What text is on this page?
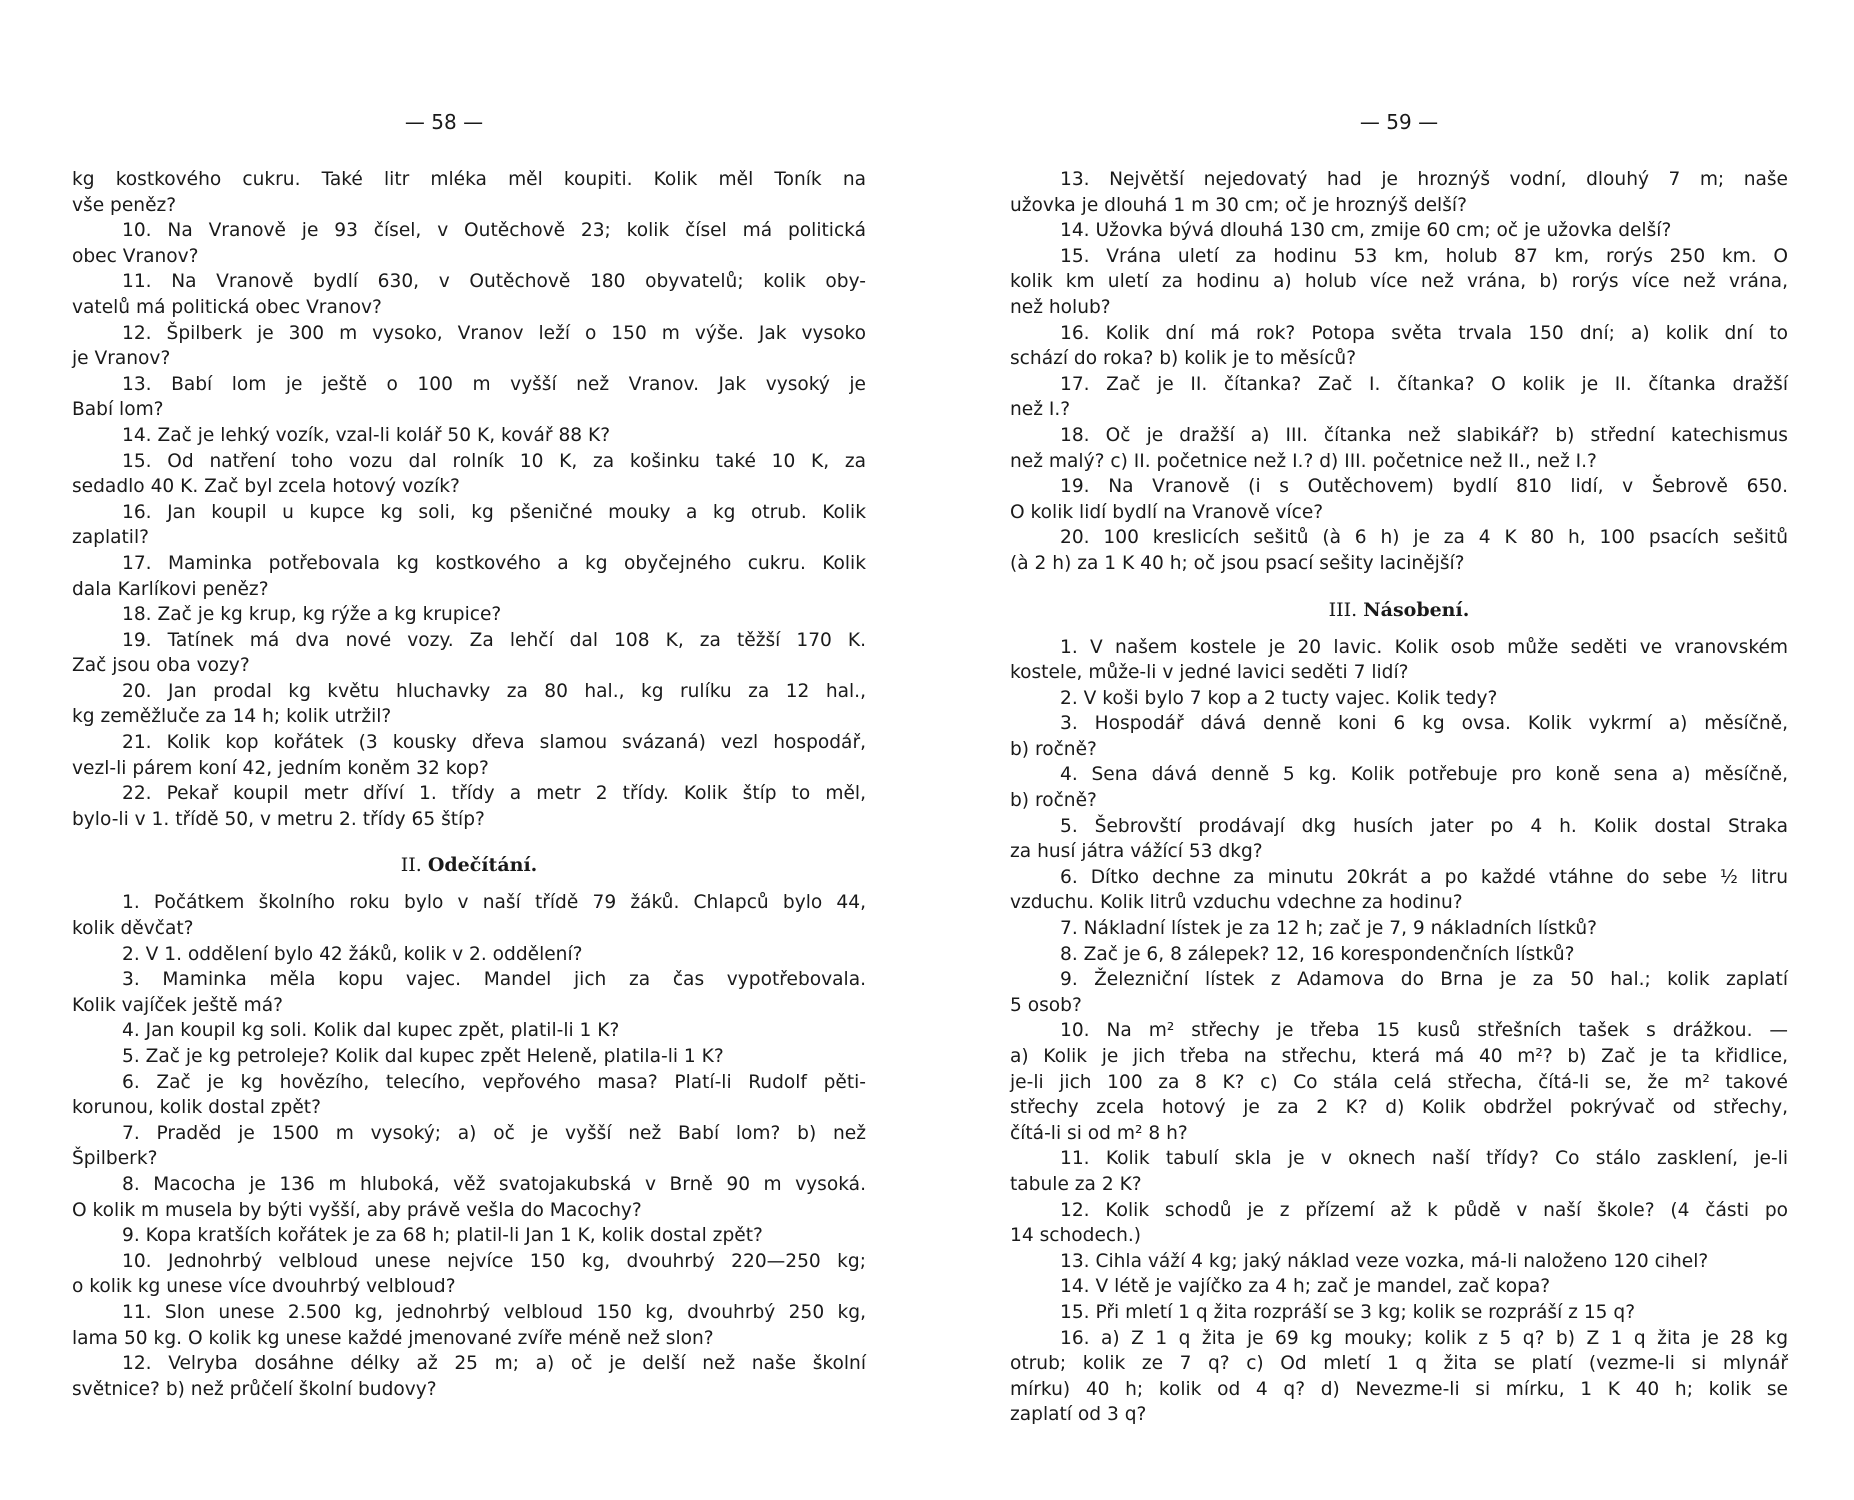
— 58 —
kg kostkového cukru. Také litr mléka měl koupiti. Kolik měl Toník na
vše peněz?
10. Na Vranově je 93 čísel, v Outěchově 23; kolik čísel má politická
obec Vranov?
11. Na Vranově bydlí 630, v Outěchově 180 obyvatelů; kolik oby-
vatelů má politická obec Vranov?
12. Špilberk je 300 m vysoko, Vranov leží o 150 m výše. Jak vysoko
je Vranov?
13. Babí lom je ještě o 100 m vyšší než Vranov. Jak vysoký je
Babí lom?
14. Zač je lehký vozík, vzal-li kolář 50 K, kovář 88 K?
15. Od natření toho vozu dal rolník 10 K, za košinku také 10 K, za
sedadlo 40 K. Zač byl zcela hotový vozík?
16. Jan koupil u kupce kg soli, kg pšeničné mouky a kg otrub. Kolik
zaplatil?
17. Maminka potřebovala kg kostkového a kg obyčejného cukru. Kolik
dala Karlíkovi peněz?
18. Zač je kg krup, kg rýže a kg krupice?
19. Tatínek má dva nové vozy. Za lehčí dal 108 K, za těžší 170 K.
Zač jsou oba vozy?
20. Jan prodal kg květu hluchavky za 80 hal., kg rulíku za 12 hal.,
kg zeměžluče za 14 h; kolik utržil?
21. Kolik kop kořátek (3 kousky dřeva slamou svázaná) vezl hospodář,
vezl-li párem koní 42, jedním koněm 32 kop?
22. Pekař koupil metr dříví 1. třídy a metr 2 třídy. Kolik štíp to měl,
bylo-li v 1. třídě 50, v metru 2. třídy 65 štíp?
II. Odečítání.
1. Počátkem školního roku bylo v naší třídě 79 žáků. Chlapců bylo 44,
kolik děvčat?
2. V 1. oddělení bylo 42 žáků, kolik v 2. oddělení?
3. Maminka měla kopu vajec. Mandel jich za čas vypotřebovala.
Kolik vajíček ještě má?
4. Jan koupil kg soli. Kolik dal kupec zpět, platil-li 1 K?
5. Zač je kg petroleje? Kolik dal kupec zpět Heleně, platila-li 1 K?
6. Zač je kg hovězího, telecího, vepřového masa? Platí-li Rudolf pěti-
korunou, kolik dostal zpět?
7. Praděd je 1500 m vysoký; a) oč je vyšší než Babí lom? b) než
Špilberk?
8. Macocha je 136 m hluboká, věž svatojakubská v Brně 90 m vysoká.
O kolik m musela by býti vyšší, aby právě vešla do Macochy?
9. Kopa kratších kořátek je za 68 h; platil-li Jan 1 K, kolik dostal zpět?
10. Jednohrbý velbloud unese nejvíce 150 kg, dvouhrbý 220—250 kg;
o kolik kg unese více dvouhrbý velbloud?
11. Slon unese 2.500 kg, jednohrbý velbloud 150 kg, dvouhrbý 250 kg,
lama 50 kg. O kolik kg unese každé jmenované zvíře méně než slon?
12. Velryba dosáhne délky až 25 m; a) oč je delší než naše školní
světnice? b) než průčelí školní budovy?
— 59 —
13. Největší nejedovatý had je hroznýš vodní, dlouhý 7 m; naše
užovka je dlouhá 1 m 30 cm; oč je hroznýš delší?
14. Užovka bývá dlouhá 130 cm, zmije 60 cm; oč je užovka delší?
15. Vrána uletí za hodinu 53 km, holub 87 km, rorýs 250 km. O
kolik km uletí za hodinu a) holub více než vrána, b) rorýs více než vrána,
než holub?
16. Kolik dní má rok? Potopa světa trvala 150 dní; a) kolik dní to
schází do roka? b) kolik je to měsíců?
17. Zač je II. čítanka? Zač I. čítanka? O kolik je II. čítanka dražší
než I.?
18. Oč je dražší a) III. čítanka než slabikář? b) střední katechismus
než malý? c) II. početnice než I.? d) III. početnice než II., než I.?
19. Na Vranově (i s Outěchovem) bydlí 810 lidí, v Šebrově 650.
O kolik lidí bydlí na Vranově více?
20. 100 kreslicích sešitů (à 6 h) je za 4 K 80 h, 100 psacích sešitů
(à 2 h) za 1 K 40 h; oč jsou psací sešity lacinější?
III. Násobení.
1. V našem kostele je 20 lavic. Kolik osob může seděti ve vranovském
kostele, může-li v jedné lavici seděti 7 lidí?
2. V koši bylo 7 kop a 2 tucty vajec. Kolik tedy?
3. Hospodář dává denně koni 6 kg ovsa. Kolik vykrmí a) měsíčně,
b) ročně?
4. Sena dává denně 5 kg. Kolik potřebuje pro koně sena a) měsíčně,
b) ročně?
5. Šebrovští prodávají dkg husích jater po 4 h. Kolik dostal Straka
za husí játra vážící 53 dkg?
6. Dítko dechne za minutu 20krát a po každé vtáhne do sebe ½ litru
vzduchu. Kolik litrů vzduchu vdechne za hodinu?
7. Nákladní lístek je za 12 h; zač je 7, 9 nákladních lístků?
8. Zač je 6, 8 zálepek? 12, 16 korespondenčních lístků?
9. Železniční lístek z Adamova do Brna je za 50 hal.; kolik zaplatí
5 osob?
10. Na m² střechy je třeba 15 kusů střešních tašek s drážkou. —
a) Kolik je jich třeba na střechu, která má 40 m²? b) Zač je ta křidlice,
je-li jich 100 za 8 K? c) Co stála celá střecha, čítá-li se, že m² takové
střechy zcela hotový je za 2 K? d) Kolik obdržel pokrývač od střechy,
čítá-li si od m² 8 h?
11. Kolik tabulí skla je v oknech naší třídy? Co stálo zasklení, je-li
tabule za 2 K?
12. Kolik schodů je z přízemí až k půdě v naší škole? (4 části po
14 schodech.)
13. Cihla váží 4 kg; jaký náklad veze vozka, má-li naloženo 120 cihel?
14. V létě je vajíčko za 4 h; zač je mandel, zač kopa?
15. Při mletí 1 q žita rozpráší se 3 kg; kolik se rozpráší z 15 q?
16. a) Z 1 q žita je 69 kg mouky; kolik z 5 q? b) Z 1 q žita je 28 kg
otrub; kolik ze 7 q? c) Od mletí 1 q žita se platí (vezme-li si mlynář
mírku) 40 h; kolik od 4 q? d) Nevezme-li si mírku, 1 K 40 h; kolik se
zaplatí od 3 q?
